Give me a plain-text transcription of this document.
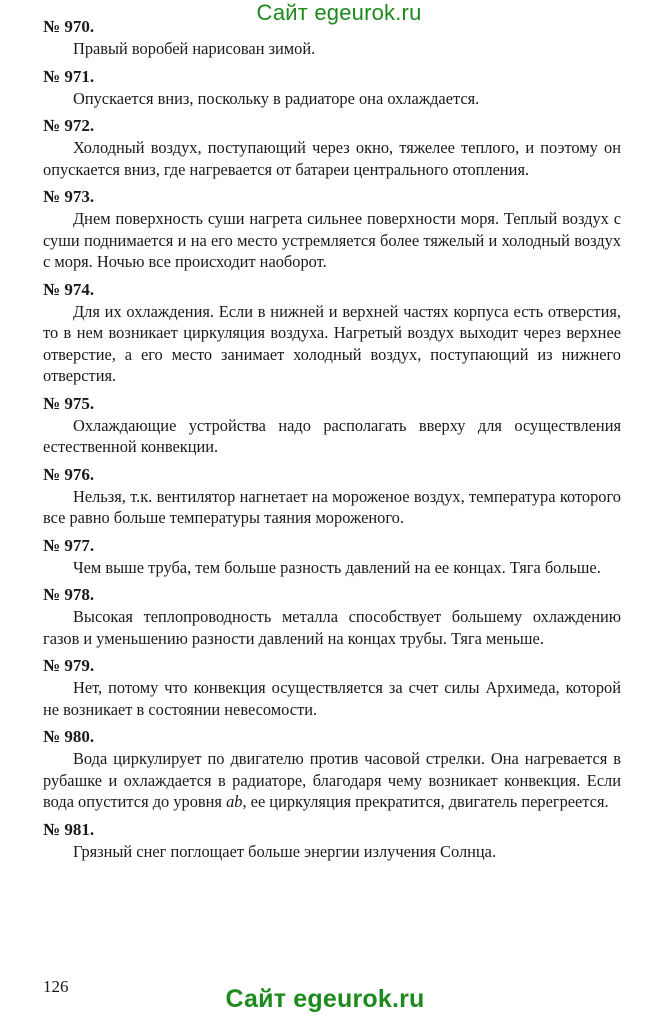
Сайт egeurok.ru
№ 970.

Правый воробей нарисован зимой.

№ 971.

Опускается вниз, поскольку в радиаторе она охлаждается.

№ 972.

Холодный воздух, поступающий через окно, тяжелее теплого, и поэтому он опускается вниз, где нагревается от батареи центрального отопления.

№ 973.

Днем поверхность суши нагрета сильнее поверхности моря. Теплый воздух с суши поднимается и на его место устремляется более тяжелый и холодный воздух с моря. Ночью все происходит наоборот.

№ 974.

Для их охлаждения. Если в нижней и верхней частях корпуса есть отверстия, то в нем возникает циркуляция воздуха. Нагретый воздух выходит через верхнее отверстие, а его место занимает холодный воздух, поступающий из нижнего отверстия.

№ 975.

Охлаждающие устройства надо располагать вверху для осуществления естественной конвекции.

№ 976.

Нельзя, т.к. вентилятор нагнетает на мороженое воздух, температура которого все равно больше температуры таяния мороженого.

№ 977.

Чем выше труба, тем больше разность давлений на ее концах. Тяга больше.

№ 978.

Высокая теплопроводность металла способствует большему охлаждению газов и уменьшению разности давлений на концах трубы. Тяга меньше.

№ 979.

Нет, потому что конвекция осуществляется за счет силы Архимеда, которой не возникает в состоянии невесомости.

№ 980.

Вода циркулирует по двигателю против часовой стрелки. Она нагревается в рубашке и охлаждается в радиаторе, благодаря чему возникает конвекция. Если вода опустится до уровня ab, ее циркуляция прекратится, двигатель перегреется.

№ 981.

Грязный снег поглощает больше энергии излучения Солнца.

126	Сайт egeurok.ru
